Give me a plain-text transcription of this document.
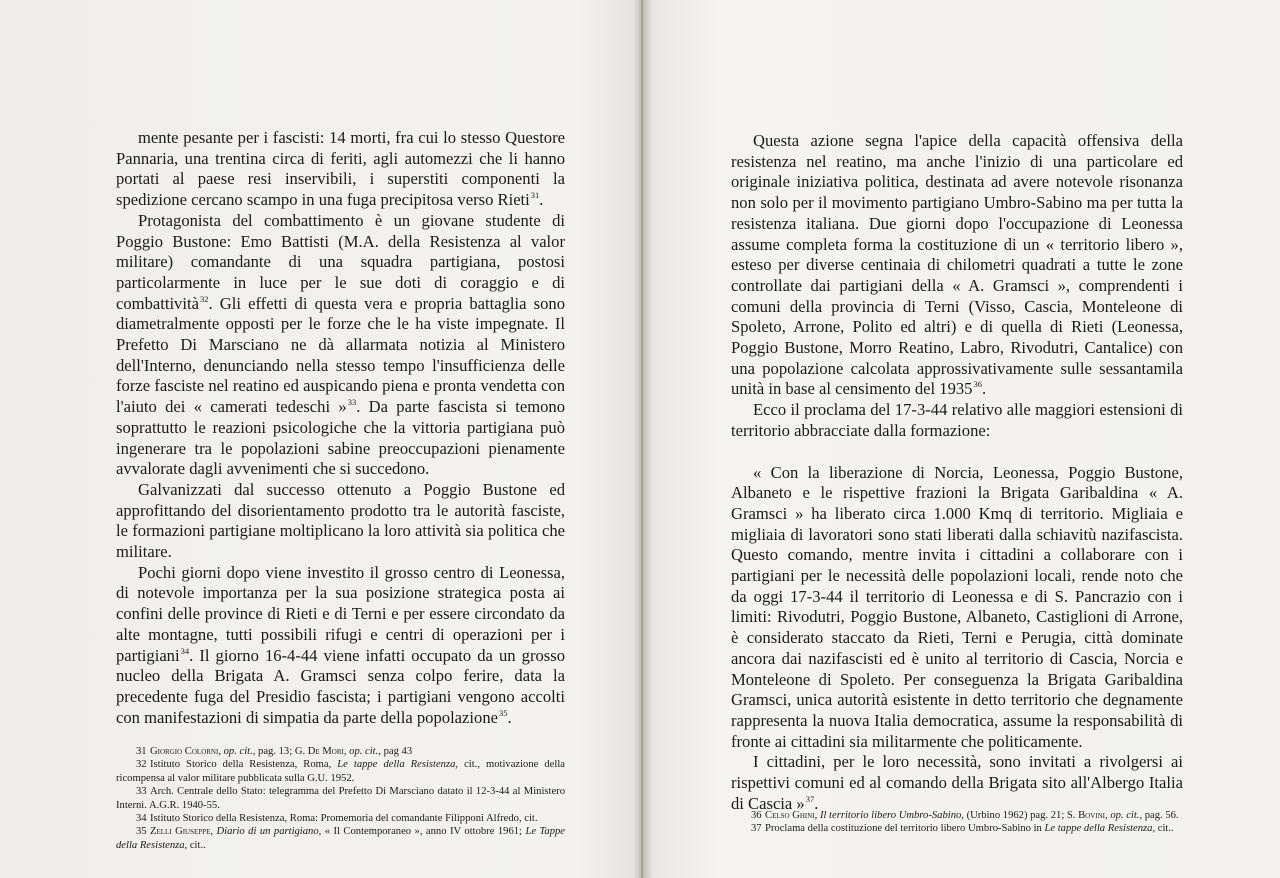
mente pesante per i fascisti: 14 morti, fra cui lo stesso Questore Pannaria, una trentina circa di feriti, agli automezzi che li hanno portati al paese resi inservibili, i superstiti componenti la spedizione cercano scampo in una fuga precipitosa verso Rieti$^{31}$.

Protagonista del combattimento è un giovane studente di Poggio Bustone: Emo Battisti (M.A. della Resistenza al valor militare) comandante di una squadra partigiana, postosi particolarmente in luce per le sue doti di coraggio e di combattività$^{32}$. Gli effetti di questa vera e propria battaglia sono diametralmente opposti per le forze che le ha viste impegnate. Il Prefetto Di Marsciano ne dà allarmata notizia al Ministero dell'Interno, denunciando nella stesso tempo l'insufficienza delle forze fasciste nel reatino ed auspicando piena e pronta vendetta con l'aiuto dei « camerati tedeschi »$^{33}$. Da parte fascista si temono soprattutto le reazioni psicologiche che la vittoria partigiana può ingenerare tra le popolazioni sabine preoccupazioni pienamente avvalorate dagli avvenimenti che si succedono.

Galvanizzati dal successo ottenuto a Poggio Bustone ed approfittando del disorientamento prodotto tra le autorità fasciste, le formazioni partigiane moltiplicano la loro attività sia politica che militare.

Pochi giorni dopo viene investito il grosso centro di Leonessa, di notevole importanza per la sua posizione strategica posta ai confini delle province di Rieti e di Terni e per essere circondato da alte montagne, tutti possibili rifugi e centri di operazioni per i partigiani$^{34}$. Il giorno 16-4-44 viene infatti occupato da un grosso nucleo della Brigata A. Gramsci senza colpo ferire, data la precedente fuga del Presidio fascista; i partigiani vengono accolti con manifestazioni di simpatia da parte della popolazione$^{35}$.

31 Giorgio Colorni, op. cit., pag. 13; G. De Mori, op. cit., pag 43

32 Istituto Storico della Resistenza, Roma, Le tappe della Resistenza, cit., motivazione della ricompensa al valor militare pubblicata sulla G.U. 1952.

33 Arch. Centrale dello Stato: telegramma del Prefetto Di Marsciano datato il 12-3-44 al Ministero Interni. A.G.R. 1940-55.

34 Istituto Storico della Resistenza, Roma: Promemoria del comandante Filipponi Alfredo, cit.

35 Zelli Giuseppe, Diario di un partigiano, « Il Contemporaneo », anno IV ottobre 1961; Le Tappe della Resistenza, cit..

Questa azione segna l'apice della capacità offensiva della resistenza nel reatino, ma anche l'inizio di una particolare ed originale iniziativa politica, destinata ad avere notevole risonanza non solo per il movimento partigiano Umbro-Sabino ma per tutta la resistenza italiana. Due giorni dopo l'occupazione di Leonessa assume completa forma la costituzione di un « territorio libero », esteso per diverse centinaia di chilometri quadrati a tutte le zone controllate dai partigiani della « A. Gramsci », comprendenti i comuni della provincia di Terni (Visso, Cascia, Monteleone di Spoleto, Arrone, Polito ed altri) e di quella di Rieti (Leonessa, Poggio Bustone, Morro Reatino, Labro, Rivodutri, Cantalice) con una popolazione calcolata approssivativamente sulle sessantamila unità in base al censimento del 1935$^{36}$.

Ecco il proclama del 17-3-44 relativo alle maggiori estensioni di territorio abbracciate dalla formazione:

« Con la liberazione di Norcia, Leonessa, Poggio Bustone, Albaneto e le rispettive frazioni la Brigata Garibaldina « A. Gramsci » ha liberato circa 1.000 Kmq di territorio. Migliaia e migliaia di lavoratori sono stati liberati dalla schiavitù nazifascista. Questo comando, mentre invita i cittadini a collaborare con i partigiani per le necessità delle popolazioni locali, rende noto che da oggi 17-3-44 il territorio di Leonessa e di S. Pancrazio con i limiti: Rivodutri, Poggio Bustone, Albaneto, Castiglioni di Arrone, è considerato staccato da Rieti, Terni e Perugia, città dominate ancora dai nazifascisti ed è unito al territorio di Cascia, Norcia e Monteleone di Spoleto. Per conseguenza la Brigata Garibaldina Gramsci, unica autorità esistente in detto territorio che degnamente rappresenta la nuova Italia democratica, assume la responsabilità di fronte ai cittadini sia militarmente che politicamente.

I cittadini, per le loro necessità, sono invitati a rivolgersi ai rispettivi comuni ed al comando della Brigata sito all'Albergo Italia di Cascia »$^{37}$.

36 Celso Ghini, Il territorio libero Umbro-Sabino, (Urbino 1962) pag. 21; S. Bovini, op. cit., pag. 56.

37 Proclama della costituzione del territorio libero Umbro-Sabino in Le tappe della Resistenza, cit..
